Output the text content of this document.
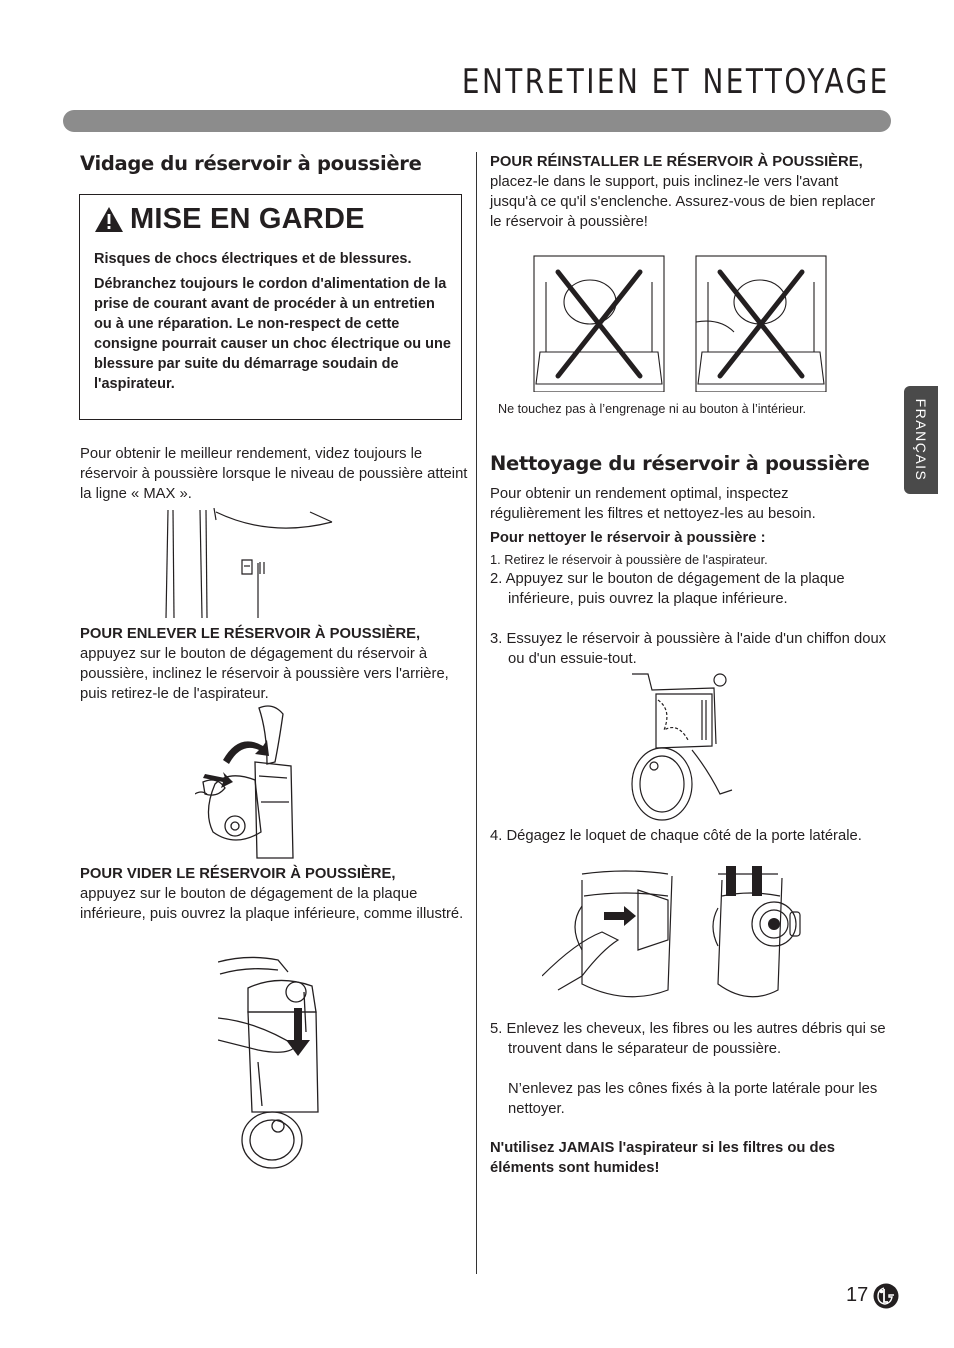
ENTRETIEN ET NETTOYAGE
FRANÇAIS
Vidage du réservoir à poussière
MISE EN GARDE
Risques de chocs électriques et de blessures.
Débranchez toujours le cordon d'alimentation de la prise de courant avant de procéder à un entretien ou à une réparation. Le non-respect de cette consigne pourrait causer un choc électrique ou une blessure par suite du démarrage soudain de l'aspirateur.

Pour obtenir le meilleur rendement, videz toujours le réservoir à poussière lorsque le niveau de poussière atteint la ligne « MAX ».

POUR ENLEVER LE RÉSERVOIR À POUSSIÈRE, appuyez sur le bouton de dégagement du réservoir à poussière, inclinez le réservoir à poussière vers l'arrière, puis retirez-le de l'aspirateur.

POUR VIDER LE RÉSERVOIR À POUSSIÈRE,
appuyez sur le bouton de dégagement de la plaque inférieure, puis ouvrez la plaque inférieure, comme illustré.

POUR RÉINSTALLER LE RÉSERVOIR À POUSSIÈRE, placez-le dans le support, puis inclinez-le vers l'avant jusqu'à ce qu'il s'enclenche. Assurez-vous de bien replacer le réservoir à poussière!

Ne touchez pas à l’engrenage ni au bouton à l’intérieur.

Nettoyage du réservoir à poussière

Pour obtenir un rendement optimal, inspectez régulièrement les filtres et nettoyez-les au besoin.

Pour nettoyer le réservoir à poussière :

1. Retirez le réservoir à poussière de l'aspirateur.

2. Appuyez sur le bouton de dégagement de la plaque inférieure, puis ouvrez la plaque inférieure.

3. Essuyez le réservoir à poussière à l'aide d'un chiffon doux ou d'un essuie-tout.

4. Dégagez le loquet de chaque côté de la porte latérale.

5. Enlevez les cheveux, les fibres ou les autres débris qui se trouvent dans le séparateur de poussière.

N’enlevez pas les cônes fixés à la porte latérale pour les nettoyer.

N'utilisez JAMAIS l'aspirateur si les filtres ou des éléments sont humides!

17
